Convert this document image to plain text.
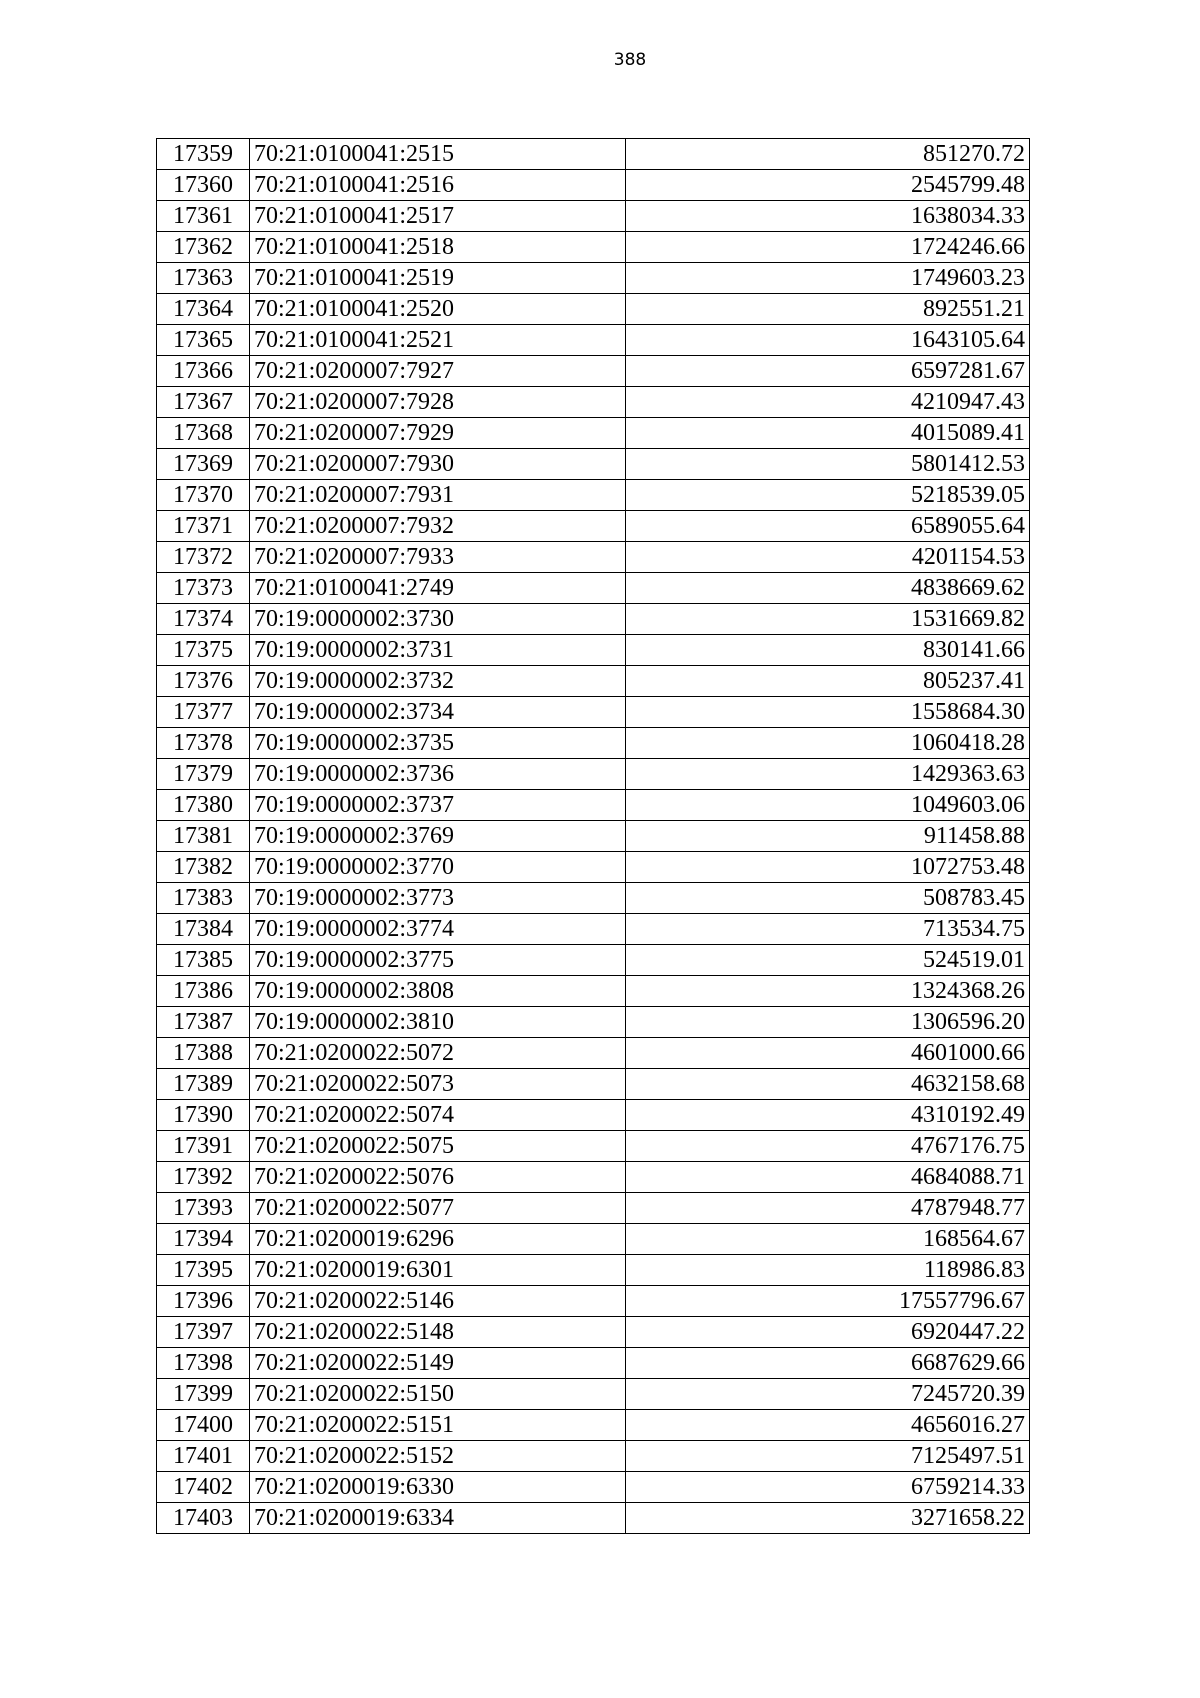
388
17359	70:21:0100041:2515	851270.72
17360	70:21:0100041:2516	2545799.48
17361	70:21:0100041:2517	1638034.33
17362	70:21:0100041:2518	1724246.66
17363	70:21:0100041:2519	1749603.23
17364	70:21:0100041:2520	892551.21
17365	70:21:0100041:2521	1643105.64
17366	70:21:0200007:7927	6597281.67
17367	70:21:0200007:7928	4210947.43
17368	70:21:0200007:7929	4015089.41
17369	70:21:0200007:7930	5801412.53
17370	70:21:0200007:7931	5218539.05
17371	70:21:0200007:7932	6589055.64
17372	70:21:0200007:7933	4201154.53
17373	70:21:0100041:2749	4838669.62
17374	70:19:0000002:3730	1531669.82
17375	70:19:0000002:3731	830141.66
17376	70:19:0000002:3732	805237.41
17377	70:19:0000002:3734	1558684.30
17378	70:19:0000002:3735	1060418.28
17379	70:19:0000002:3736	1429363.63
17380	70:19:0000002:3737	1049603.06
17381	70:19:0000002:3769	911458.88
17382	70:19:0000002:3770	1072753.48
17383	70:19:0000002:3773	508783.45
17384	70:19:0000002:3774	713534.75
17385	70:19:0000002:3775	524519.01
17386	70:19:0000002:3808	1324368.26
17387	70:19:0000002:3810	1306596.20
17388	70:21:0200022:5072	4601000.66
17389	70:21:0200022:5073	4632158.68
17390	70:21:0200022:5074	4310192.49
17391	70:21:0200022:5075	4767176.75
17392	70:21:0200022:5076	4684088.71
17393	70:21:0200022:5077	4787948.77
17394	70:21:0200019:6296	168564.67
17395	70:21:0200019:6301	118986.83
17396	70:21:0200022:5146	17557796.67
17397	70:21:0200022:5148	6920447.22
17398	70:21:0200022:5149	6687629.66
17399	70:21:0200022:5150	7245720.39
17400	70:21:0200022:5151	4656016.27
17401	70:21:0200022:5152	7125497.51
17402	70:21:0200019:6330	6759214.33
17403	70:21:0200019:6334	3271658.22
